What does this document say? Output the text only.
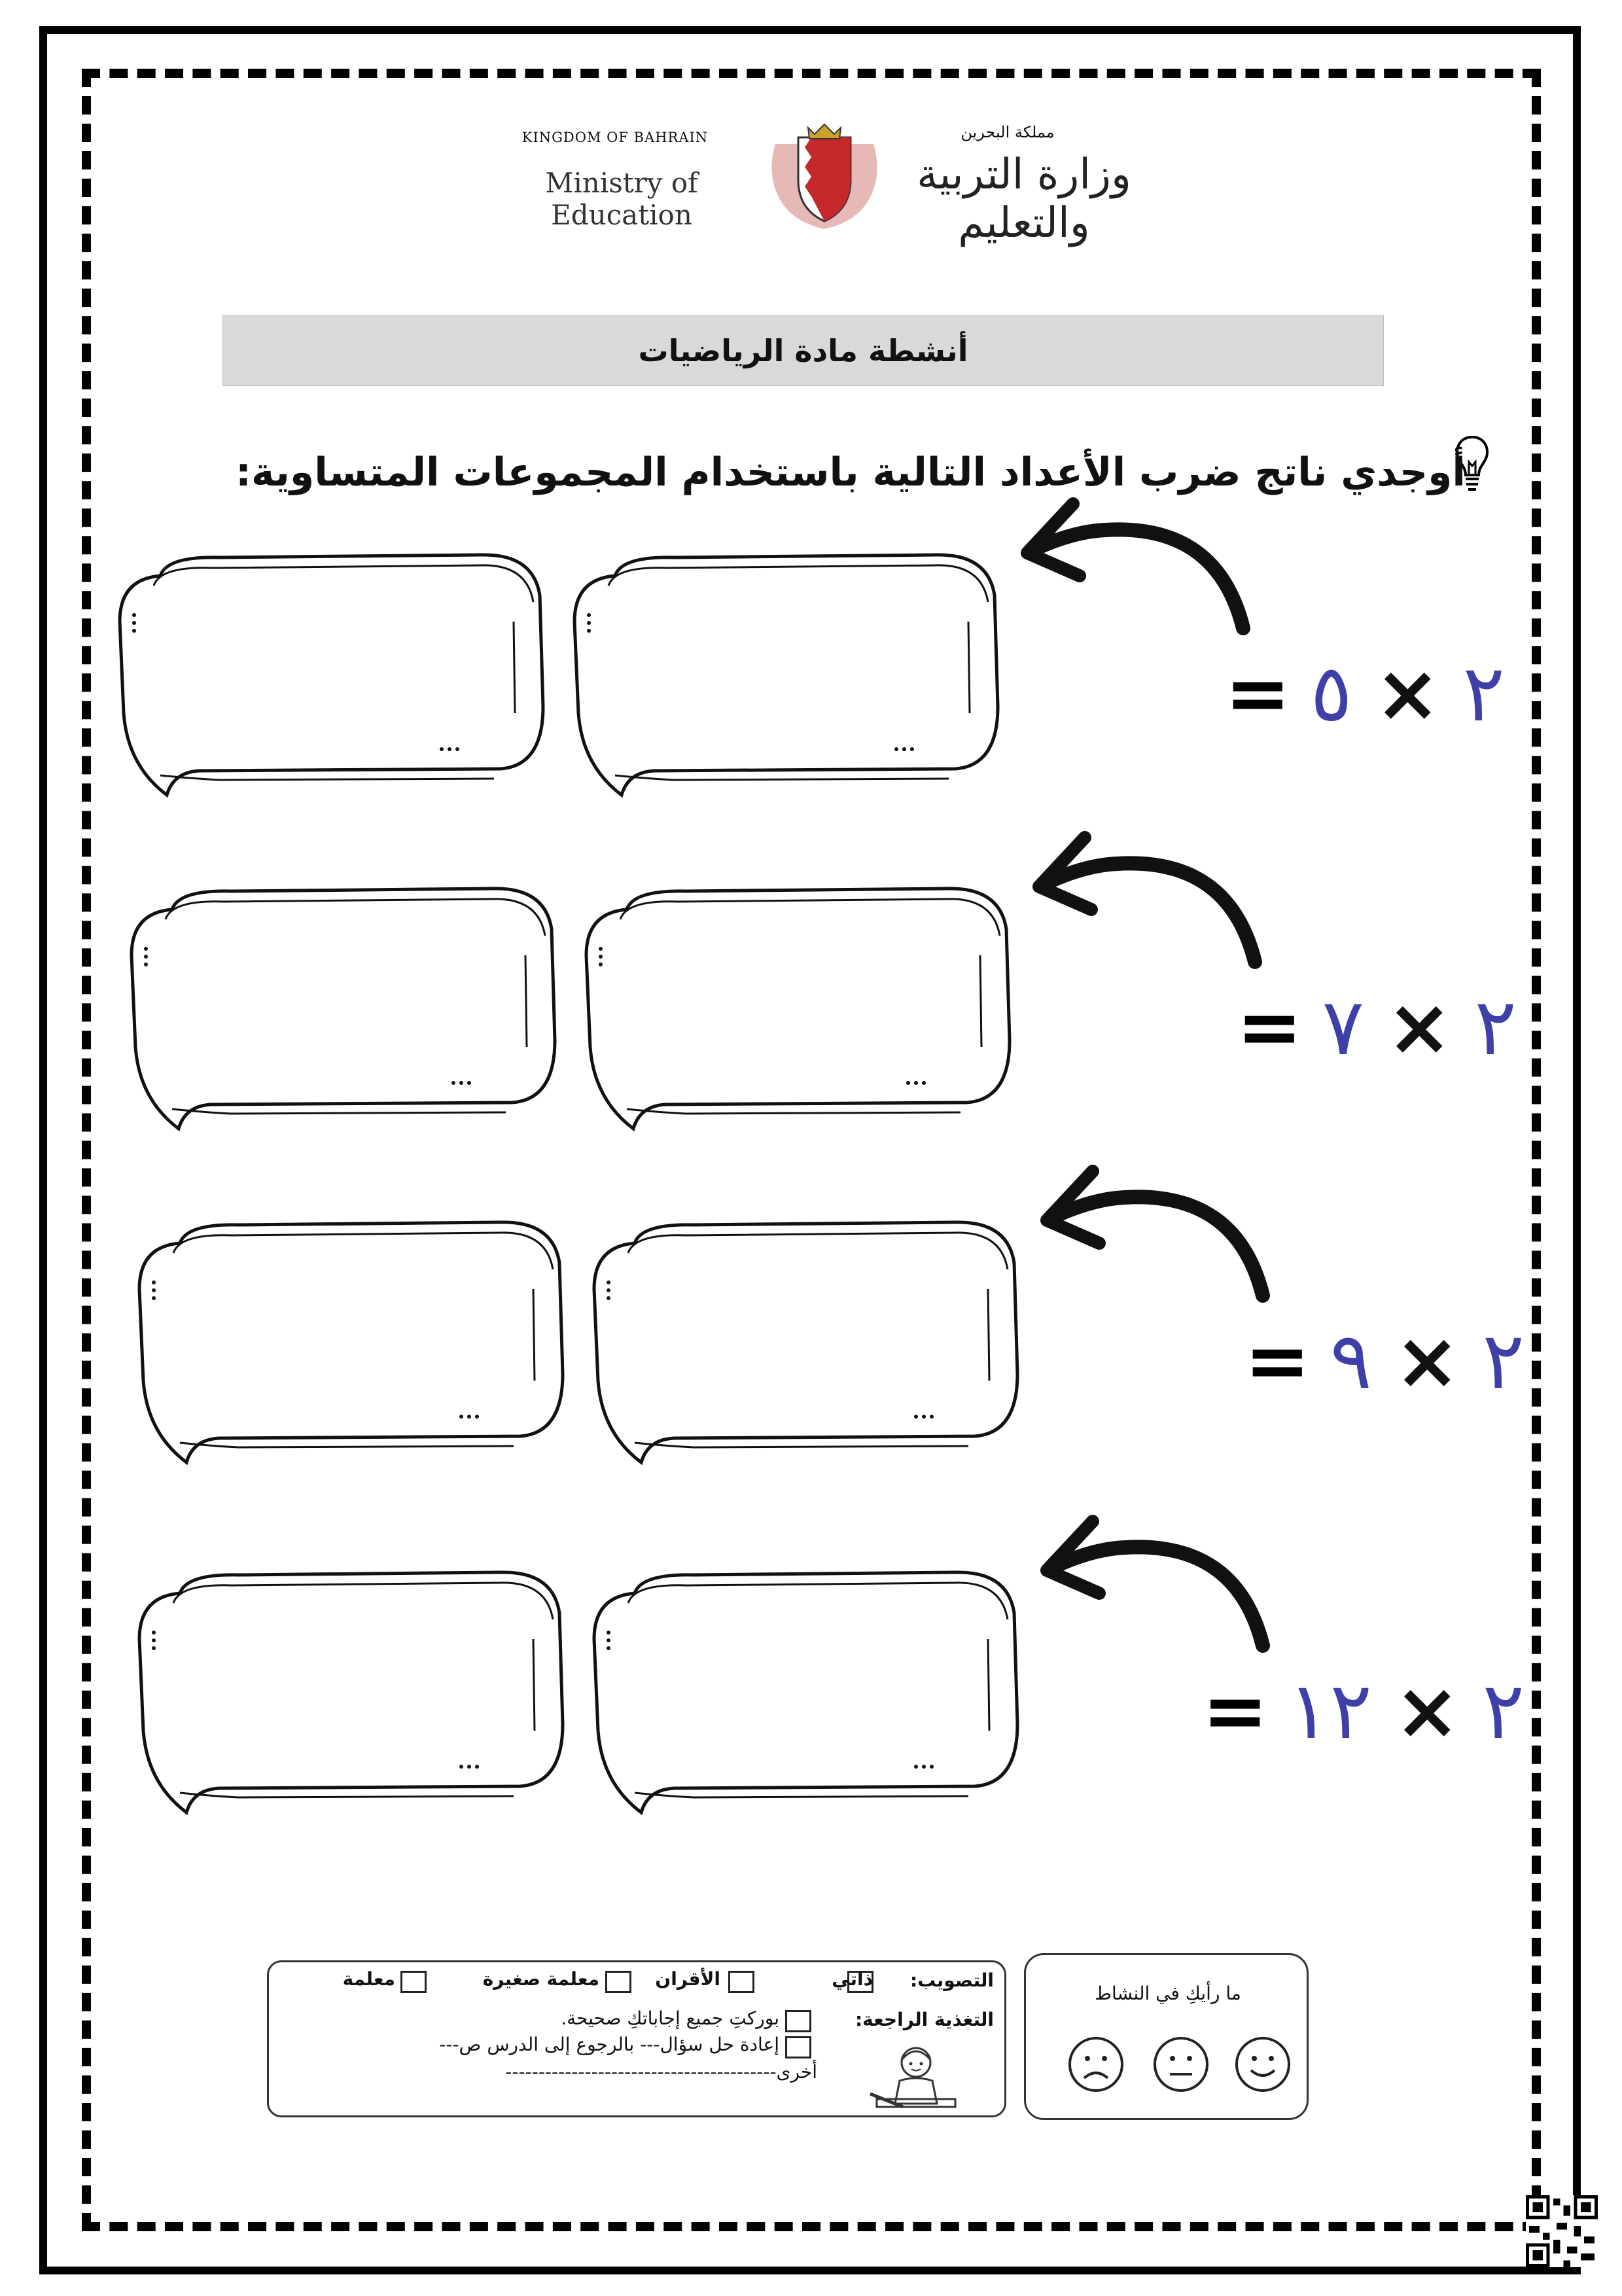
KINGDOM OF BAHRAIN
Ministry of Education
مملكة البحرين
وزارة التربية والتعليم
أنشطة مادة الرياضيات
أوجدي ناتج ضرب الأعداد التالية باستخدام المجموعات المتساوية:
= ٥ × ٢
= ٧ × ٢
= ٩ × ٢
= ١٢ × ٢
التصويب:
ذاتي
الأقران
معلمة صغيرة
معلمة
التغذية الراجعة:
بوركتِ جميع إجاباتكِ صحيحة.
إعادة حل سؤال--- بالرجوع إلى الدرس ص---
أخرى-----------------------------------------
ما رأيكِ في النشاط
